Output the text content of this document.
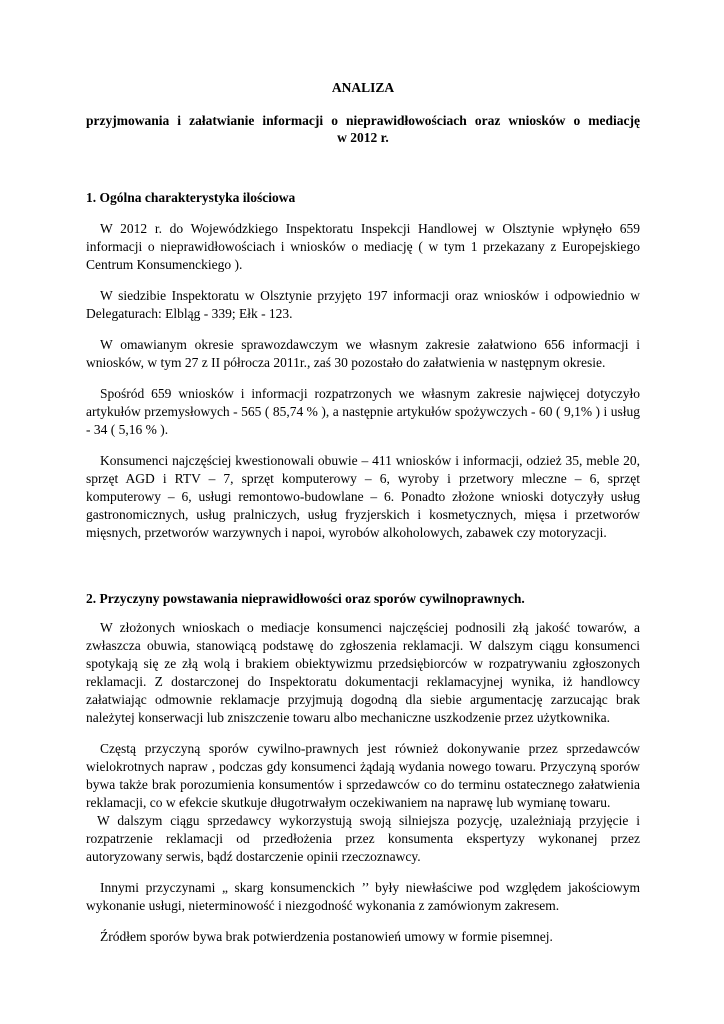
ANALIZA
przyjmowania i załatwianie informacji o nieprawidłowościach oraz wniosków o mediację
w 2012 r.
1. Ogólna charakterystyka ilościowa

W 2012 r. do Wojewódzkiego Inspektoratu Inspekcji Handlowej w Olsztynie wpłynęło 659 informacji o nieprawidłowościach i wniosków o mediację ( w tym 1 przekazany z Europejskiego Centrum Konsumenckiego ).

W siedzibie Inspektoratu w Olsztynie przyjęto 197 informacji oraz wniosków i odpowiednio w Delegaturach: Elbląg - 339; Ełk - 123.

W omawianym okresie sprawozdawczym we własnym zakresie załatwiono 656 informacji i wniosków, w tym 27 z II półrocza 2011r., zaś 30 pozostało do załatwienia w następnym okresie.

Spośród 659 wniosków i informacji rozpatrzonych we własnym zakresie najwięcej dotyczyło artykułów przemysłowych - 565 ( 85,74 % ), a następnie artykułów spożywczych - 60 ( 9,1% ) i usług - 34 ( 5,16 % ).

Konsumenci najczęściej kwestionowali obuwie – 411 wniosków i informacji, odzież 35, meble 20, sprzęt AGD i RTV – 7, sprzęt komputerowy – 6, wyroby i przetwory mleczne – 6, sprzęt komputerowy – 6, usługi remontowo-budowlane – 6. Ponadto złożone wnioski dotyczyły usług gastronomicznych, usług pralniczych, usług fryzjerskich i kosmetycznych, mięsa i przetworów mięsnych, przetworów warzywnych i napoi, wyrobów alkoholowych, zabawek czy motoryzacji.

2. Przyczyny powstawania nieprawidłowości oraz sporów cywilnoprawnych.

W złożonych wnioskach o mediacje konsumenci najczęściej podnosili złą jakość towarów, a zwłaszcza obuwia, stanowiącą podstawę do zgłoszenia reklamacji. W dalszym ciągu konsumenci spotykają się ze złą wolą i brakiem obiektywizmu przedsiębiorców w rozpatrywaniu zgłoszonych reklamacji. Z dostarczonej do Inspektoratu dokumentacji reklamacyjnej wynika, iż handlowcy załatwiając odmownie reklamacje przyjmują dogodną dla siebie argumentację zarzucając brak należytej konserwacji lub zniszczenie towaru albo mechaniczne uszkodzenie przez użytkownika.

Częstą przyczyną sporów cywilno-prawnych jest również dokonywanie przez sprzedawców wielokrotnych napraw , podczas gdy konsumenci żądają wydania nowego towaru. Przyczyną sporów bywa także brak porozumienia konsumentów i sprzedawców co do terminu ostatecznego załatwienia reklamacji, co w efekcie skutkuje długotrwałym oczekiwaniem na naprawę lub wymianę towaru.

W dalszym ciągu sprzedawcy wykorzystują swoją silniejsza pozycję, uzależniają przyjęcie i rozpatrzenie reklamacji od przedłożenia przez konsumenta ekspertyzy wykonanej przez autoryzowany serwis, bądź dostarczenie opinii rzeczoznawcy.

Innymi przyczynami „ skarg konsumenckich ’’ były niewłaściwe pod względem jakościowym wykonanie usługi, nieterminowość i niezgodność wykonania z zamówionym zakresem.

Źródłem sporów bywa brak potwierdzenia postanowień umowy w formie pisemnej.
